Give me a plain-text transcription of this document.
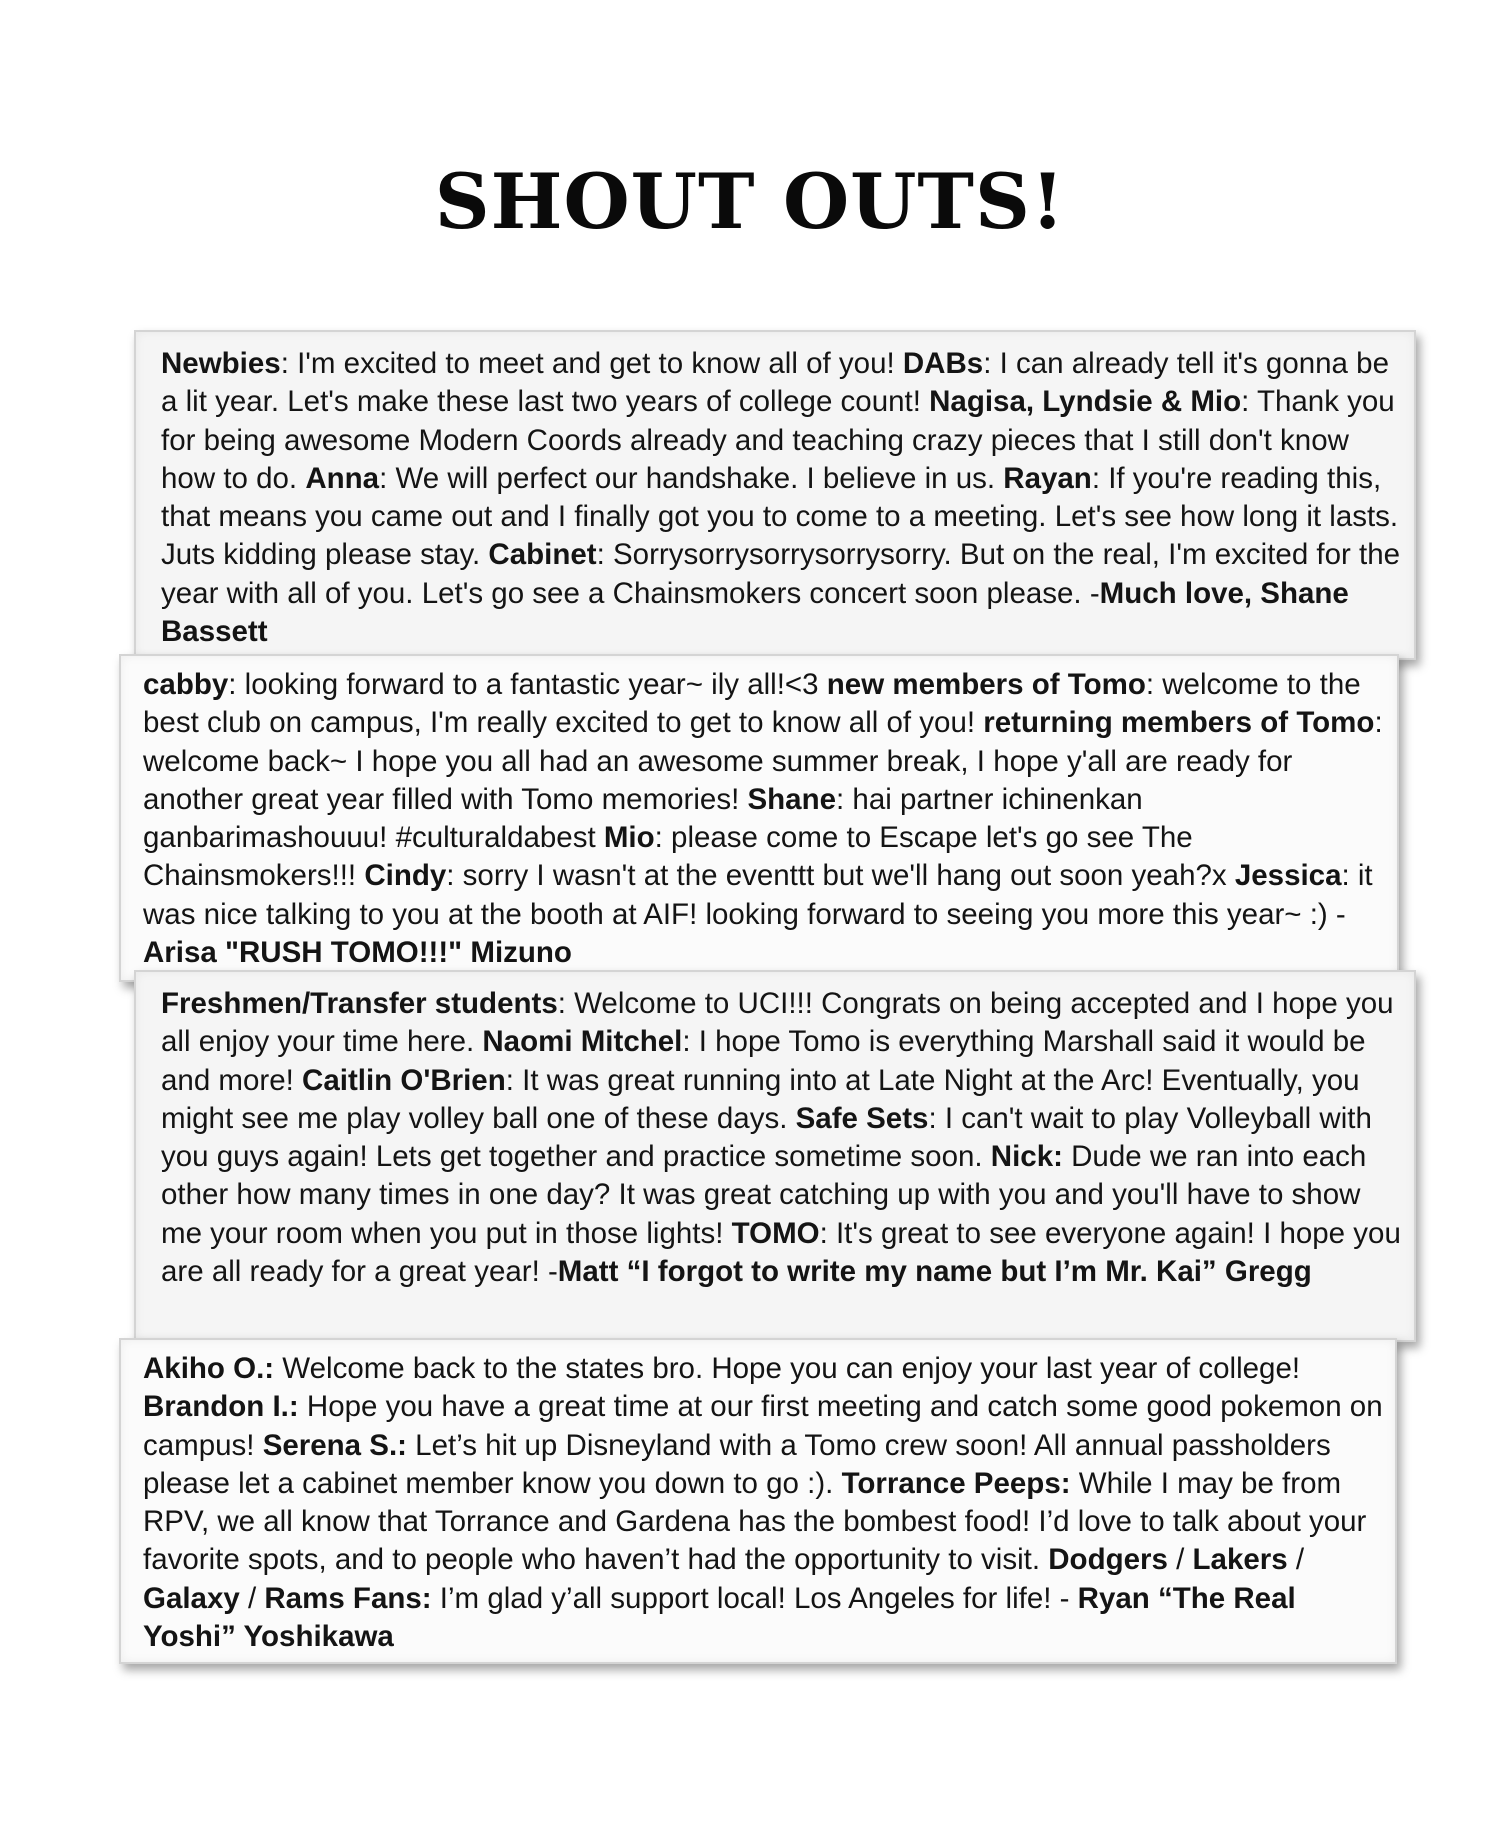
SHOUT OUTS!
Newbies: I'm excited to meet and get to know all of you! DABs: I can already tell it's gonna be a lit year. Let's make these last two years of college count! Nagisa, Lyndsie & Mio: Thank you for being awesome Modern Coords already and teaching crazy pieces that I still don't know how to do. Anna: We will perfect our handshake. I believe in us. Rayan: If you're reading this, that means you came out and I finally got you to come to a meeting. Let's see how long it lasts. Juts kidding please stay. Cabinet: Sorrysorrysorrysorrysorry. But on the real, I'm excited for the year with all of you. Let's go see a Chainsmokers concert soon please. -Much love, Shane Bassett
cabby: looking forward to a fantastic year~ ily all!<3 new members of Tomo: welcome to the best club on campus, I'm really excited to get to know all of you! returning members of Tomo: welcome back~ I hope you all had an awesome summer break, I hope y'all are ready for another great year filled with Tomo memories! Shane: hai partner ichinenkan ganbarimashouuu! #culturaldabest Mio: please come to Escape let's go see The Chainsmokers!!! Cindy: sorry I wasn't at the eventtt but we'll hang out soon yeah?x Jessica: it was nice talking to you at the booth at AIF! looking forward to seeing you more this year~ :) - Arisa "RUSH TOMO!!!" Mizuno
Freshmen/Transfer students: Welcome to UCI!!! Congrats on being accepted and I hope you all enjoy your time here. Naomi Mitchel: I hope Tomo is everything Marshall said it would be and more! Caitlin O'Brien: It was great running into at Late Night at the Arc! Eventually, you might see me play volley ball one of these days. Safe Sets: I can't wait to play Volleyball with you guys again! Lets get together and practice sometime soon. Nick: Dude we ran into each other how many times in one day? It was great catching up with you and you'll have to show me your room when you put in those lights! TOMO: It's great to see everyone again! I hope you are all ready for a great year! -Matt “I forgot to write my name but I’m Mr. Kai” Gregg
Akiho O.: Welcome back to the states bro. Hope you can enjoy your last year of college! Brandon I.: Hope you have a great time at our first meeting and catch some good pokemon on campus! Serena S.: Let’s hit up Disneyland with a Tomo crew soon! All annual passholders please let a cabinet member know you down to go :). Torrance Peeps: While I may be from RPV, we all know that Torrance and Gardena has the bombest food! I’d love to talk about your favorite spots, and to people who haven’t had the opportunity to visit. Dodgers / Lakers / Galaxy / Rams Fans: I’m glad y’all support local! Los Angeles for life! - Ryan “The Real Yoshi” Yoshikawa
